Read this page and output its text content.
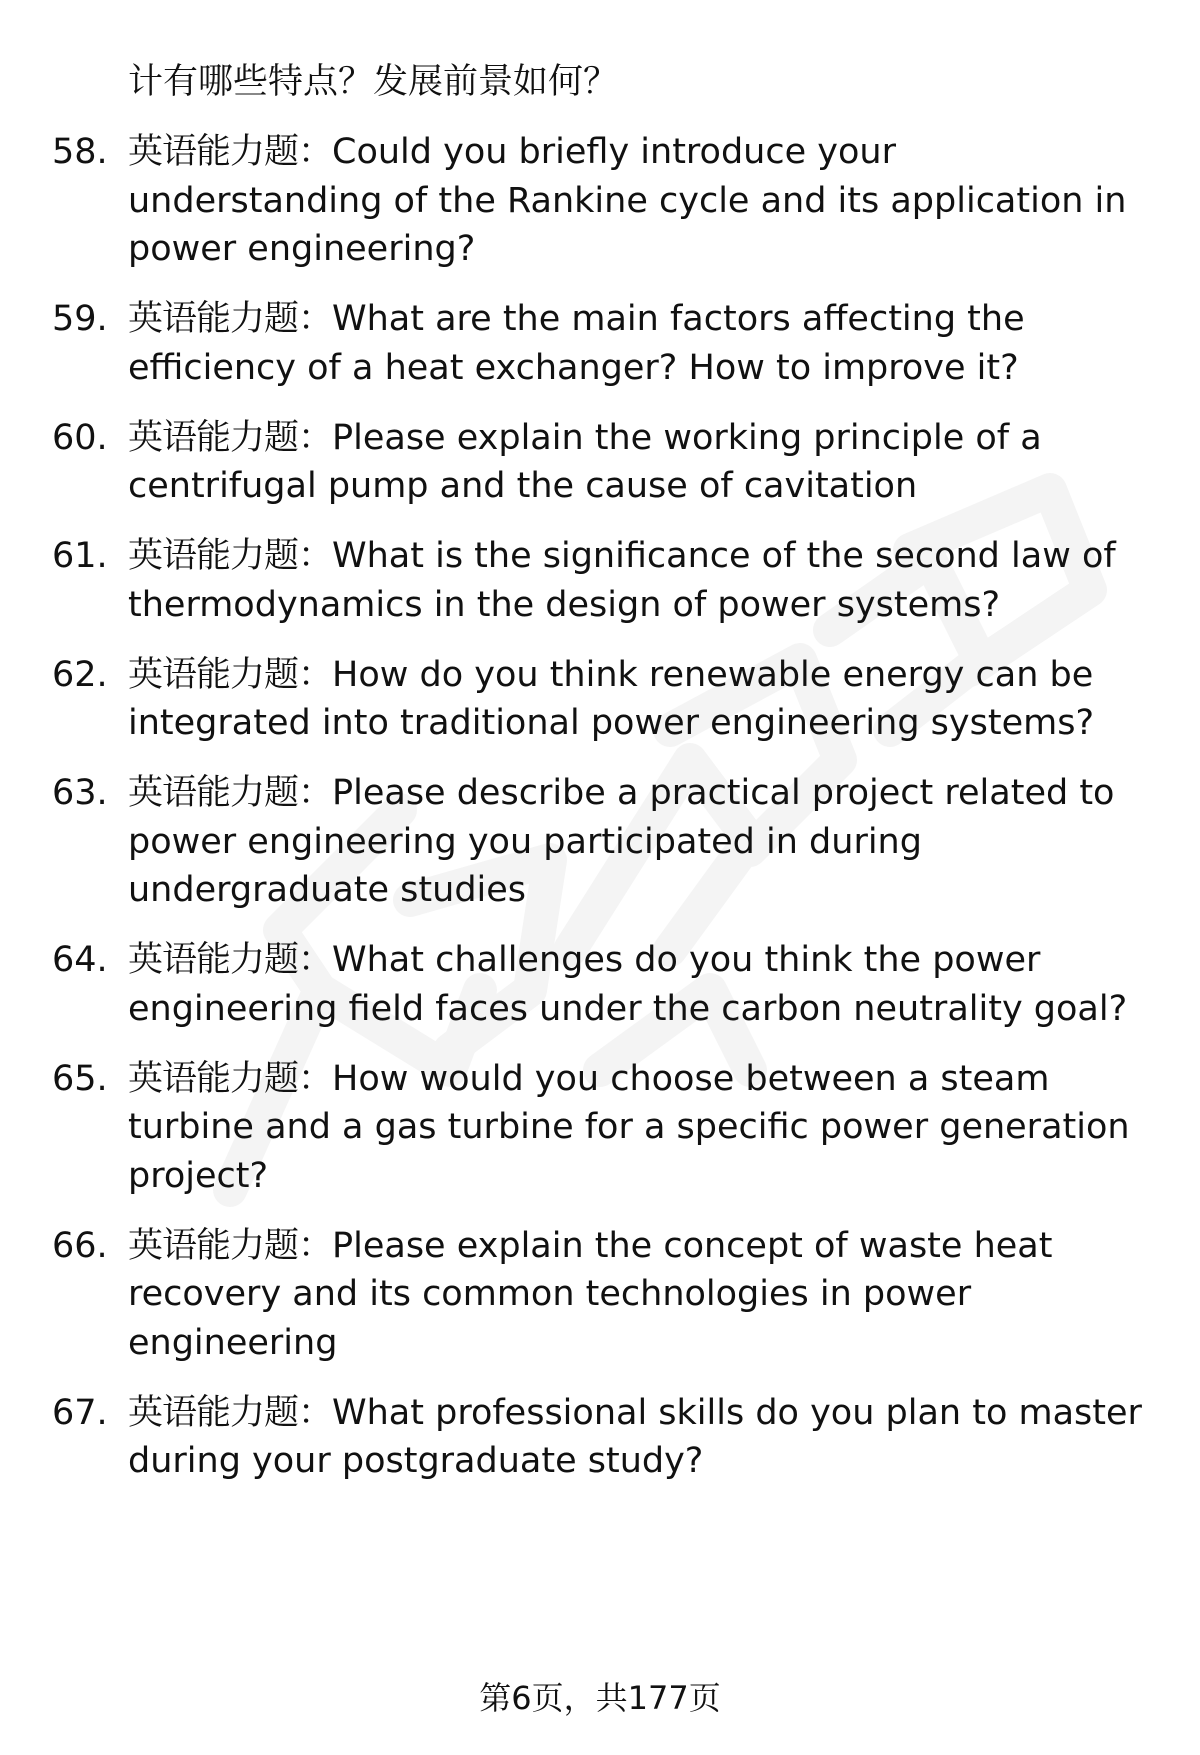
计有哪些特点？发展前景如何？
58. 英语能力题：Could you briefly introduce your
understanding of the Rankine cycle and its application in
power engineering?
59. 英语能力题：What are the main factors affecting the
efficiency of a heat exchanger? How to improve it?
60. 英语能力题：Please explain the working principle of a
centrifugal pump and the cause of cavitation
61. 英语能力题：What is the significance of the second law of
thermodynamics in the design of power systems?
62. 英语能力题：How do you think renewable energy can be
integrated into traditional power engineering systems?
63. 英语能力题：Please describe a practical project related to
power engineering you participated in during
undergraduate studies
64. 英语能力题：What challenges do you think the power
engineering field faces under the carbon neutrality goal?
65. 英语能力题：How would you choose between a steam
turbine and a gas turbine for a specific power generation
project?
66. 英语能力题：Please explain the concept of waste heat
recovery and its common technologies in power
engineering
67. 英语能力题：What professional skills do you plan to master
during your postgraduate study?
第6页，共177页
